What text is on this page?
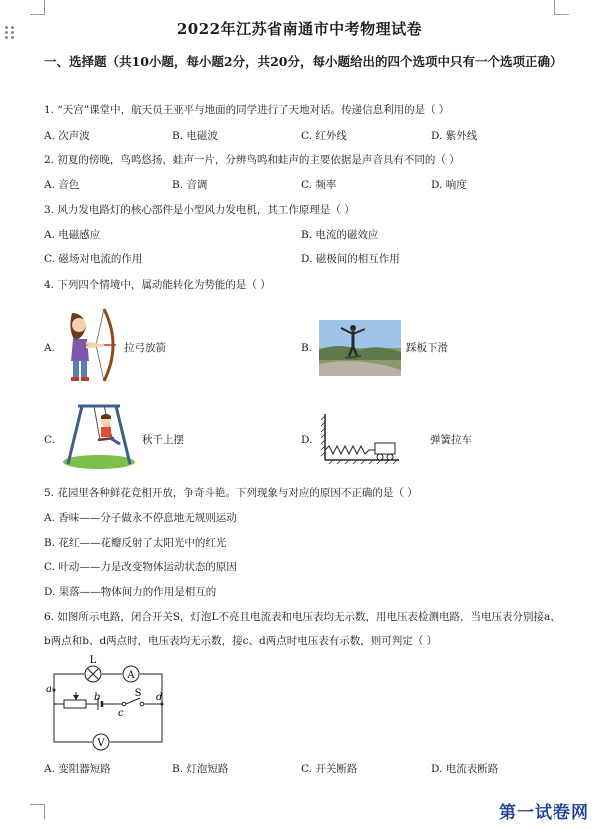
2022年江苏省南通市中考物理试卷
一、选择题（共10小题，每小题2分，共20分，每小题给出的四个选项中只有一个选项正确）
1. “天宫”课堂中，航天员王亚平与地面的同学进行了天地对话。传递信息利用的是（ ）
A. 次声波	B. 电磁波	C. 红外线	D. 紫外线
2. 初夏的傍晚，鸟鸣悠扬，蛙声一片，分辨鸟鸣和蛙声的主要依据是声音具有不同的（ ）
A. 音色	B. 音调	C. 频率	D. 响度
3. 风力发电路灯的核心部件是小型风力发电机，其工作原理是（ ）
A. 电磁感应	B. 电流的磁效应
C. 磁场对电流的作用	D. 磁极间的相互作用
4. 下列四个情境中，属动能转化为势能的是（ ）
A.	拉弓放箭	B.	踩板下滑
C.	秋千上摆	D.	弹簧拉车
5. 花园里各种鲜花竞相开放，争奇斗艳。下列现象与对应的原因不正确的是（ ）
A. 香味——分子做永不停息地无规则运动
B. 花红——花瓣反射了太阳光中的红光
C. 叶动——力是改变物体运动状态的原因
D. 果落——物体间力的作用是相互的
6. 如图所示电路，闭合开关S，灯泡L不亮且电流表和电压表均无示数，用电压表检测电路，当电压表分别接a、b两点和b、d两点时，电压表均无示数，接c、d两点时电压表有示数，则可判定（ ）
L
A
V
S
a
b
c
d
A. 变阻器短路	B. 灯泡短路	C. 开关断路	D. 电流表断路
第一试卷网
